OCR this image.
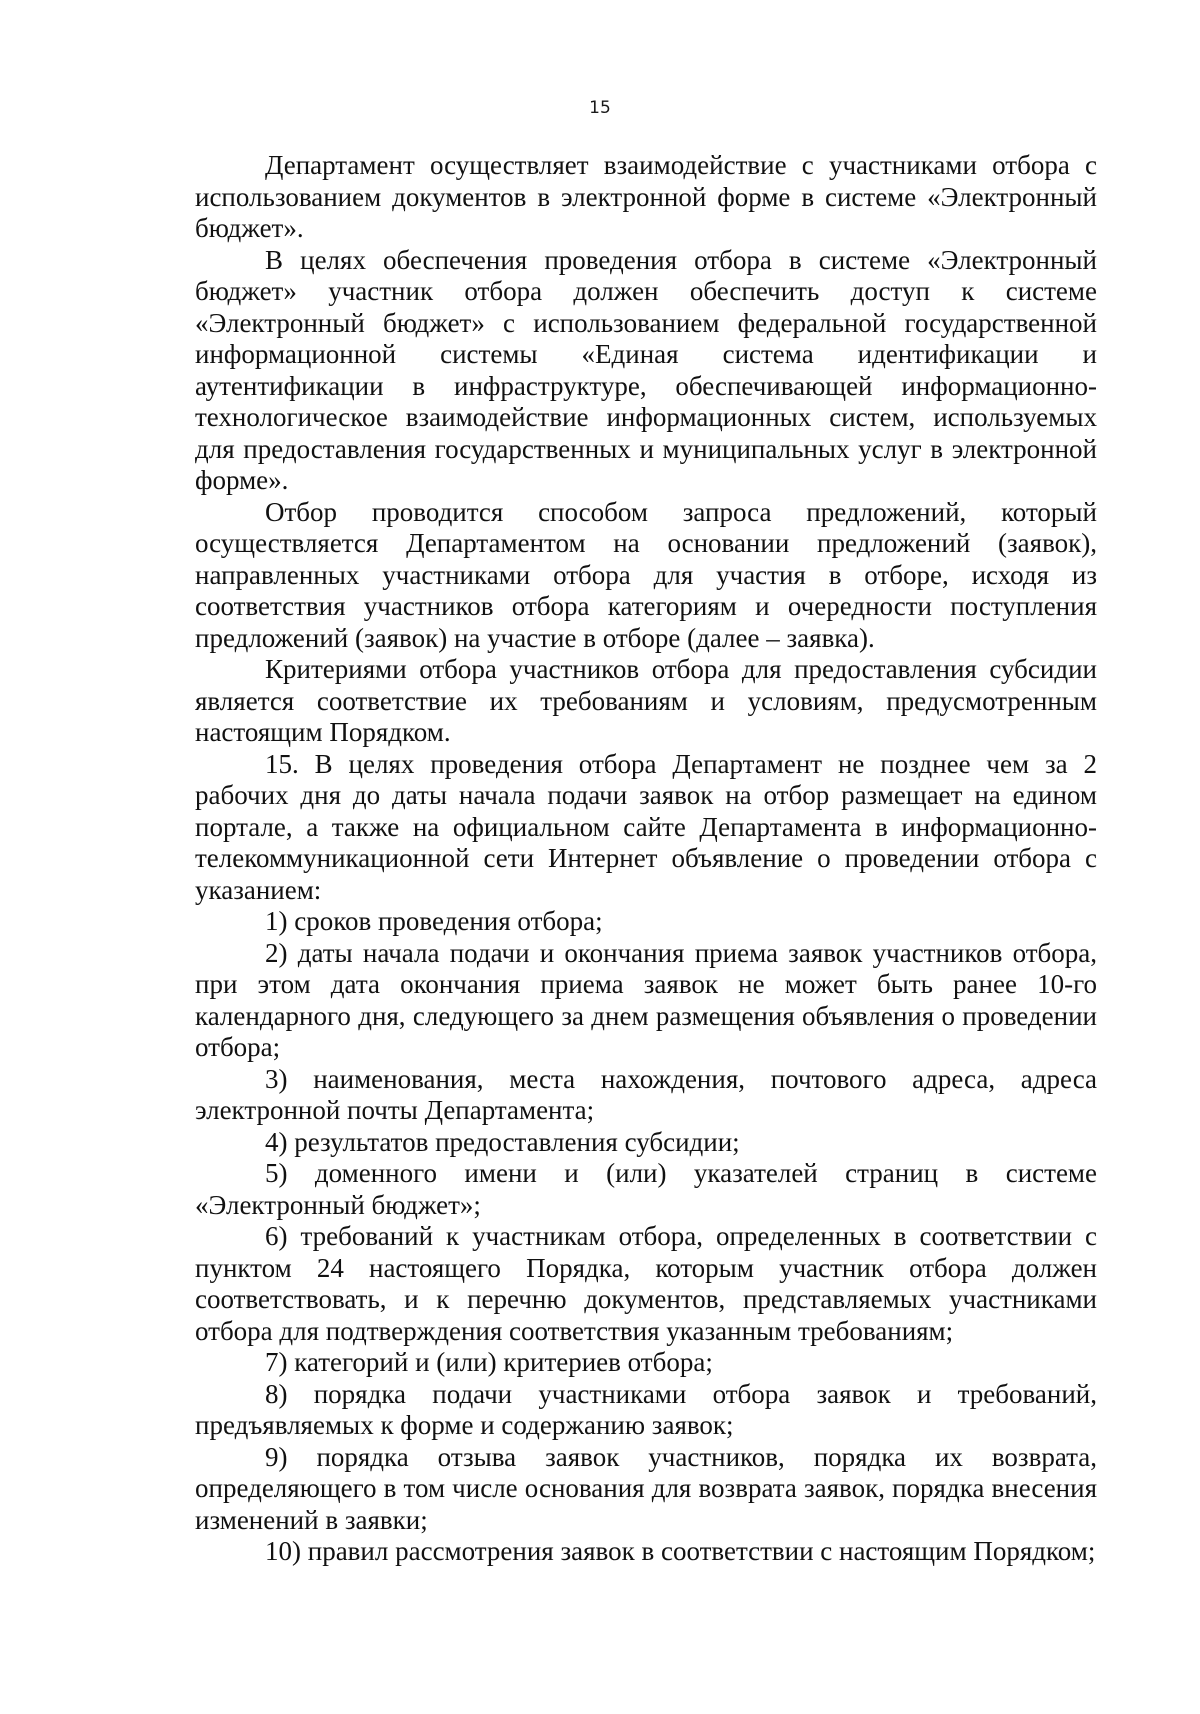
15

Департамент осуществляет взаимодействие с участниками отбора с использованием документов в электронной форме в системе «Электронный бюджет».

В целях обеспечения проведения отбора в системе «Электронный бюджет» участник отбора должен обеспечить доступ к системе «Электронный бюджет» с использованием федеральной государственной информационной системы «Единая система идентификации и аутентификации в инфраструктуре, обеспечивающей информационно-технологическое взаимодействие информационных систем, используемых для предоставления государственных и муниципальных услуг в электронной форме».

Отбор проводится способом запроса предложений, который осуществляется Департаментом на основании предложений (заявок), направленных участниками отбора для участия в отборе, исходя из соответствия участников отбора категориям и очередности поступления предложений (заявок) на участие в отборе (далее – заявка).

Критериями отбора участников отбора для предоставления субсидии является соответствие их требованиям и условиям, предусмотренным настоящим Порядком.

15. В целях проведения отбора Департамент не позднее чем за 2 рабочих дня до даты начала подачи заявок на отбор размещает на едином портале, а также на официальном сайте Департамента в информационно-телекоммуникационной сети Интернет объявление о проведении отбора с указанием:

1) сроков проведения отбора;

2) даты начала подачи и окончания приема заявок участников отбора, при этом дата окончания приема заявок не может быть ранее 10-го календарного дня, следующего за днем размещения объявления о проведении отбора;

3) наименования, места нахождения, почтового адреса, адреса электронной почты Департамента;

4) результатов предоставления субсидии;

5) доменного имени и (или) указателей страниц в системе «Электронный бюджет»;

6) требований к участникам отбора, определенных в соответствии с пунктом 24 настоящего Порядка, которым участник отбора должен соответствовать, и к перечню документов, представляемых участниками отбора для подтверждения соответствия указанным требованиям;

7) категорий и (или) критериев отбора;

8) порядка подачи участниками отбора заявок и требований, предъявляемых к форме и содержанию заявок;

9) порядка отзыва заявок участников, порядка их возврата, определяющего в том числе основания для возврата заявок, порядка внесения изменений в заявки;

10) правил рассмотрения заявок в соответствии с настоящим Порядком;
